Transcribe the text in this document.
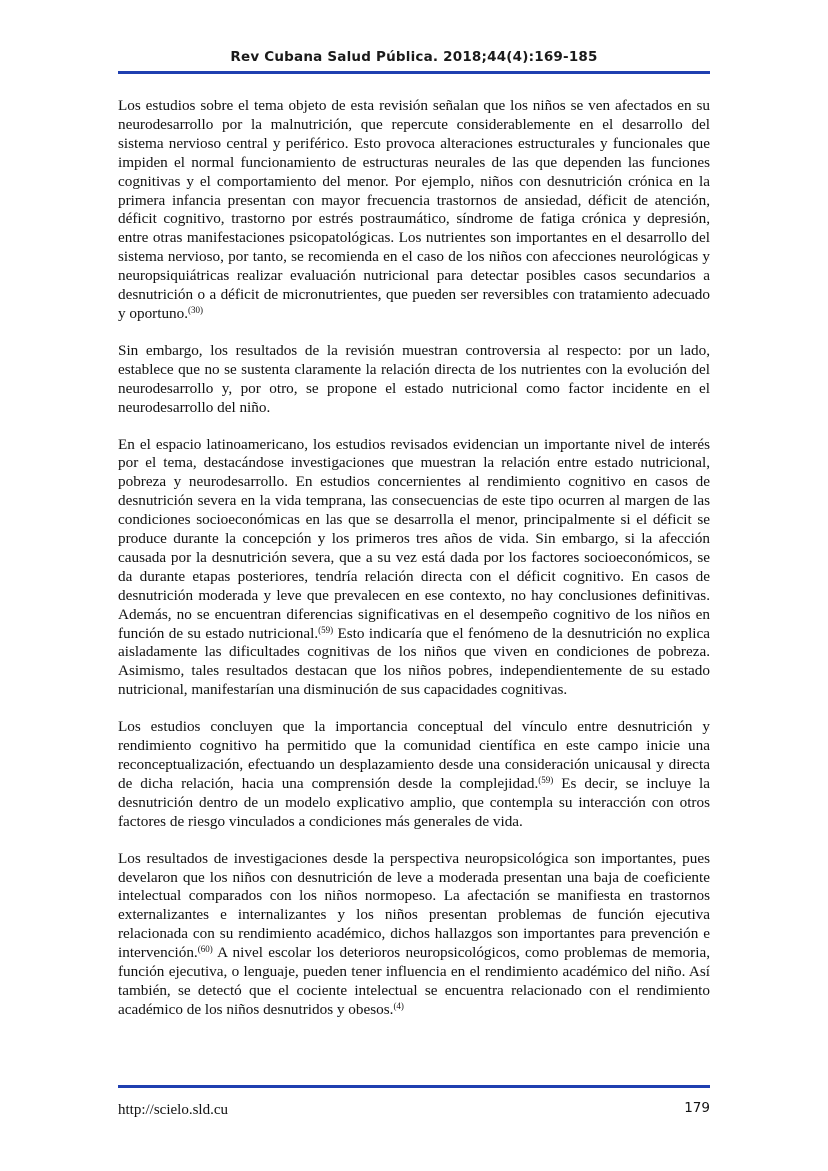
Rev Cubana Salud Pública. 2018;44(4):169-185

Los estudios sobre el tema objeto de esta revisión señalan que los niños se ven afectados en su neurodesarrollo por la malnutrición, que repercute considerablemente en el desarrollo del sistema nervioso central y periférico. Esto provoca alteraciones estructurales y funcionales que impiden el normal funcionamiento de estructuras neurales de las que dependen las funciones cognitivas y el comportamiento del menor. Por ejemplo, niños con desnutrición crónica en la primera infancia presentan con mayor frecuencia trastornos de ansiedad, déficit de atención, déficit cognitivo, trastorno por estrés postraumático, síndrome de fatiga crónica y depresión, entre otras manifestaciones psicopatológicas. Los nutrientes son importantes en el desarrollo del sistema nervioso, por tanto, se recomienda en el caso de los niños con afecciones neurológicas y neuropsiquiátricas realizar evaluación nutricional para detectar posibles casos secundarios a desnutrición o a déficit de micronutrientes, que pueden ser reversibles con tratamiento adecuado y oportuno.$^{(30)}$

Sin embargo, los resultados de la revisión muestran controversia al respecto: por un lado, establece que no se sustenta claramente la relación directa de los nutrientes con la evolución del neurodesarrollo y, por otro, se propone el estado nutricional como factor incidente en el neurodesarrollo del niño.

En el espacio latinoamericano, los estudios revisados evidencian un importante nivel de interés por el tema, destacándose investigaciones que muestran la relación entre estado nutricional, pobreza y neurodesarrollo. En estudios concernientes al rendimiento cognitivo en casos de desnutrición severa en la vida temprana, las consecuencias de este tipo ocurren al margen de las condiciones socioeconómicas en las que se desarrolla el menor, principalmente si el déficit se produce durante la concepción y los primeros tres años de vida. Sin embargo, si la afección causada por la desnutrición severa, que a su vez está dada por los factores socioeconómicos, se da durante etapas posteriores, tendría relación directa con el déficit cognitivo. En casos de desnutrición moderada y leve que prevalecen en ese contexto, no hay conclusiones definitivas. Además, no se encuentran diferencias significativas en el desempeño cognitivo de los niños en función de su estado nutricional.$^{(59)}$ Esto indicaría que el fenómeno de la desnutrición no explica aisladamente las dificultades cognitivas de los niños que viven en condiciones de pobreza. Asimismo, tales resultados destacan que los niños pobres, independientemente de su estado nutricional, manifestarían una disminución de sus capacidades cognitivas.

Los estudios concluyen que la importancia conceptual del vínculo entre desnutrición y rendimiento cognitivo ha permitido que la comunidad científica en este campo inicie una reconceptualización, efectuando un desplazamiento desde una consideración unicausal y directa de dicha relación, hacia una comprensión desde la complejidad.$^{(59)}$ Es decir, se incluye la desnutrición dentro de un modelo explicativo amplio, que contempla su interacción con otros factores de riesgo vinculados a condiciones más generales de vida.

Los resultados de investigaciones desde la perspectiva neuropsicológica son importantes, pues develaron que los niños con desnutrición de leve a moderada presentan una baja de coeficiente intelectual comparados con los niños normopeso. La afectación se manifiesta en trastornos externalizantes e internalizantes y los niños presentan problemas de función ejecutiva relacionada con su rendimiento académico, dichos hallazgos son importantes para prevención e intervención.$^{(60)}$ A nivel escolar los deterioros neuropsicológicos, como problemas de memoria, función ejecutiva, o lenguaje, pueden tener influencia en el rendimiento académico del niño. Así también, se detectó que el cociente intelectual se encuentra relacionado con el rendimiento académico de los niños desnutridos y obesos.$^{(4)}$

http://scielo.sld.cu	179
